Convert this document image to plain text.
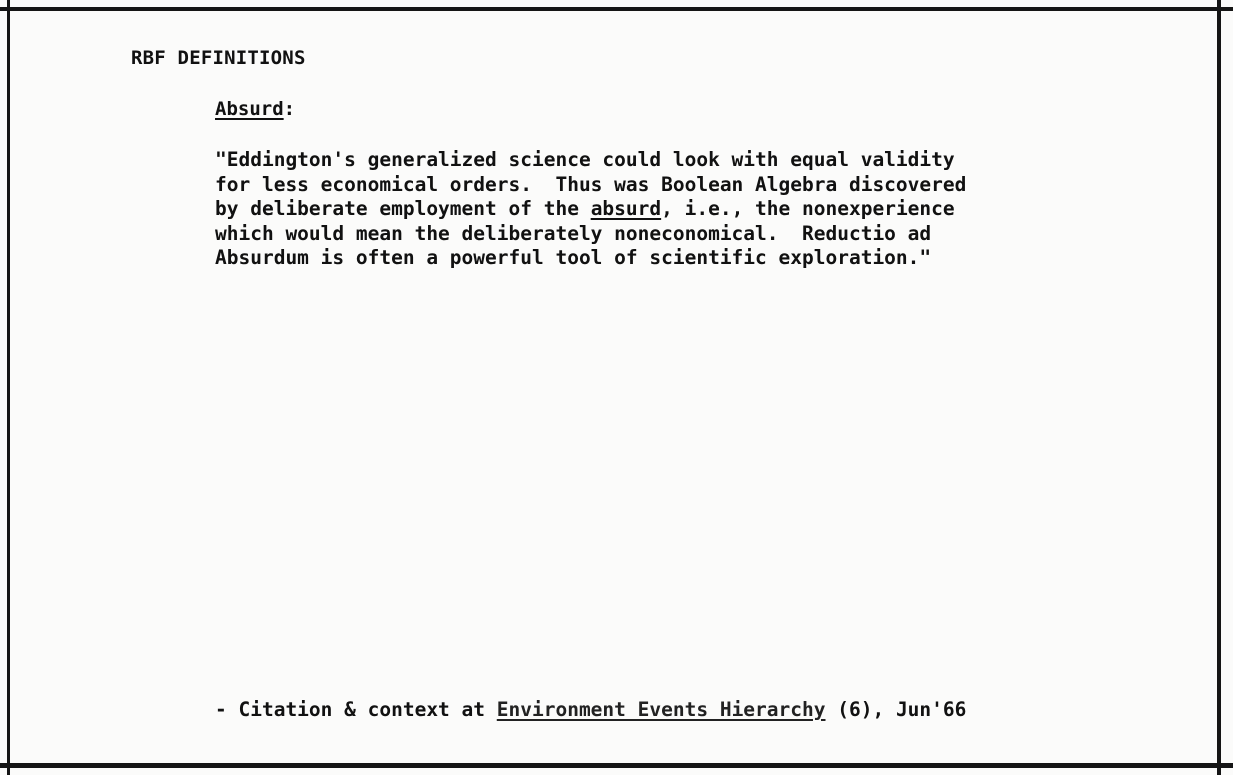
RBF DEFINITIONS
Absurd:
"Eddington's generalized science could look with equal validity
for less economical orders.  Thus was Boolean Algebra discovered
by deliberate employment of the absurd, i.e., the nonexperience
which would mean the deliberately noneconomical.  Reductio ad
Absurdum is often a powerful tool of scientific exploration."
- Citation & context at Environment Events Hierarchy (6), Jun'66
